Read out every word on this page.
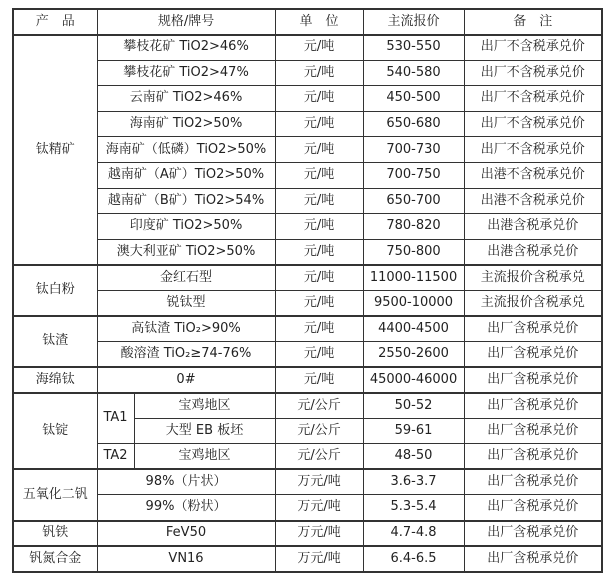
产　品	规格/牌号		单　位	主流报价	备　注
钛精矿	攀枝花矿 TiO2>46%		元/吨	530-550	出厂不含税承兑价
	攀枝花矿 TiO2>47%		元/吨	540-580	出厂不含税承兑价
	云南矿 TiO2>46%		元/吨	450-500	出厂不含税承兑价
	海南矿 TiO2>50%		元/吨	650-680	出厂不含税承兑价
	海南矿（低磷）TiO2>50%		元/吨	700-730	出厂不含税承兑价
	越南矿（A矿）TiO2>50%		元/吨	700-750	出港不含税承兑价
	越南矿（B矿）TiO2>54%		元/吨	650-700	出港不含税承兑价
	印度矿 TiO2>50%		元/吨	780-820	出港含税承兑价
	澳大利亚矿 TiO2>50%		元/吨	750-800	出港含税承兑价
钛白粉	金红石型		元/吨	11000-11500	主流报价含税承兑
	锐钛型		元/吨	9500-10000	主流报价含税承兑
钛渣	高钛渣 TiO₂>90%		元/吨	4400-4500	出厂含税承兑价
	酸溶渣 TiO₂≥74-76%		元/吨	2550-2600	出厂含税承兑价
海绵钛	0#		元/吨	45000-46000	出厂含税承兑价
钛锭	TA1	宝鸡地区	元/公斤	50-52	出厂含税承兑价
		大型 EB 板坯	元/公斤	59-61	出厂含税承兑价
	TA2	宝鸡地区	元/公斤	48-50	出厂含税承兑价
五氧化二钒	98%（片状）		万元/吨	3.6-3.7	出厂含税承兑价
	99%（粉状）		万元/吨	5.3-5.4	出厂含税承兑价
钒铁	FeV50		万元/吨	4.7-4.8	出厂含税承兑价
钒氮合金	VN16		万元/吨	6.4-6.5	出厂含税承兑价
